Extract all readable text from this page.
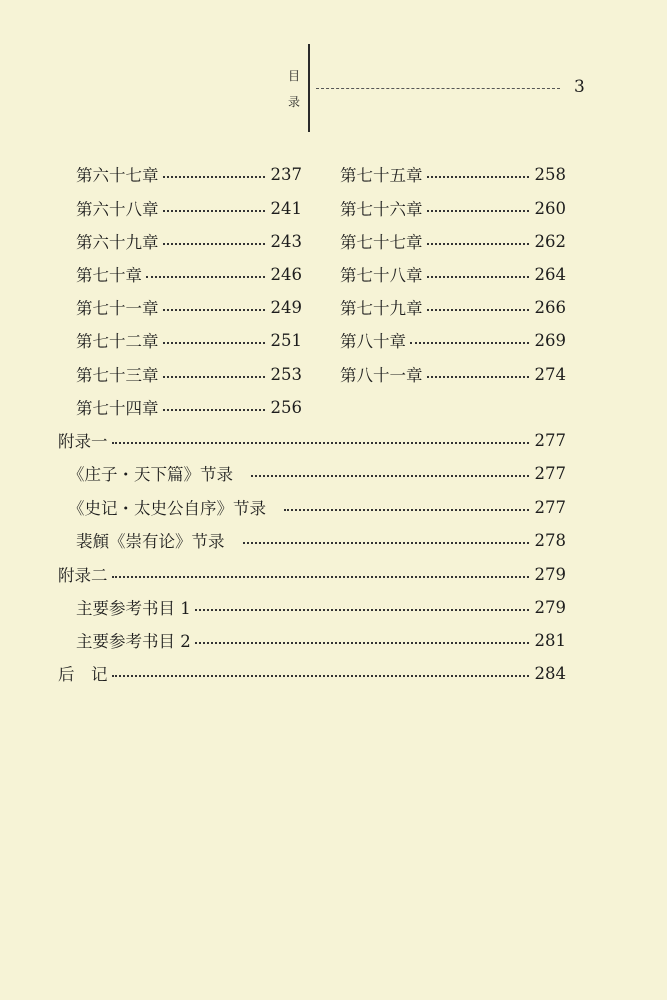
目
录
3
第六十七章	237
第六十八章	241
第六十九章	243
第七十章	246
第七十一章	249
第七十二章	251
第七十三章	253
第七十四章	256
第七十五章	258
第七十六章	260
第七十七章	262
第七十八章	264
第七十九章	266
第八十章	269
第八十一章	274
附录一	277
《庄子・天下篇》节录	277
《史记・太史公自序》节录	277
裴頠《崇有论》节录	278
附录二	279
主要参考书目 1	279
主要参考书目 2	281
后　记	284
